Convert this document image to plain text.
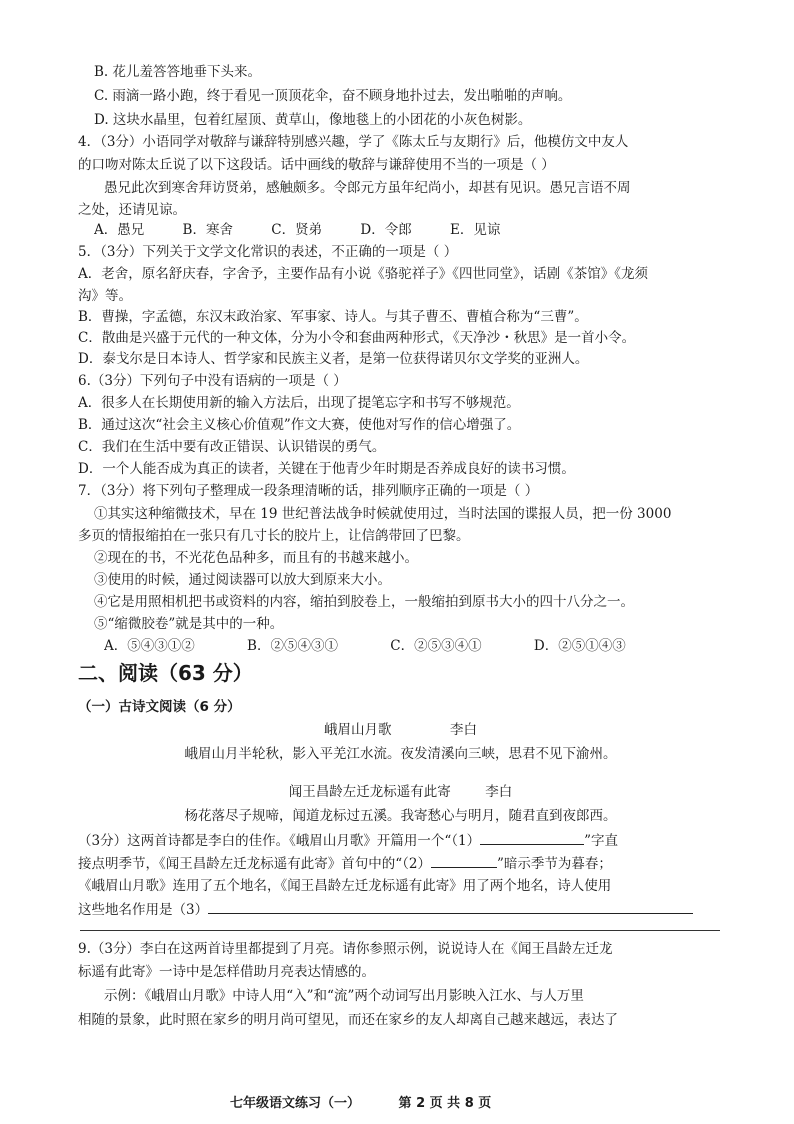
B. 花儿羞答答地垂下头来。
C. 雨滴一路小跑，终于看见一顶顶花伞，奋不顾身地扑过去，发出啪啪的声响。
D. 这块水晶里，包着红屋顶、黄草山，像地毯上的小团花的小灰色树影。
4．（3分）小语同学对敬辞与谦辞特别感兴趣，学了《陈太丘与友期行》后，他模仿文中友人
的口吻对陈太丘说了以下这段话。话中画线的敬辞与谦辞使用不当的一项是（ ）
愚兄此次到寒舍拜访贤弟，感触颇多。令郎元方虽年纪尚小，却甚有见识。愚兄言语不周
之处，还请见谅。
A．愚兄	B．寒舍	C．贤弟	D．令郎	E．见谅
5．（3分）下列关于文学文化常识的表述，不正确的一项是（ ）
A．老舍，原名舒庆春，字舍予，主要作品有小说《骆驼祥子》《四世同堂》，话剧《茶馆》《龙须
沟》等。
B．曹操，字孟德，东汉末政治家、军事家、诗人。与其子曹丕、曹植合称为“三曹”。
C．散曲是兴盛于元代的一种文体，分为小令和套曲两种形式，《天净沙・秋思》是一首小令。
D．泰戈尔是日本诗人、哲学家和民族主义者，是第一位获得诺贝尔文学奖的亚洲人。
6.（3分）下列句子中没有语病的一项是（ ）
A．很多人在长期使用新的输入方法后，出现了提笔忘字和书写不够规范。
B．通过这次“社会主义核心价值观”作文大赛，使他对写作的信心增强了。
C．我们在生活中要有改正错误、认识错误的勇气。
D．一个人能否成为真正的读者，关键在于他青少年时期是否养成良好的读书习惯。
7．（3分）将下列句子整理成一段条理清晰的话，排列顺序正确的一项是（ ）
①其实这种缩微技术，早在 19 世纪普法战争时候就使用过，当时法国的谍报人员，把一份 3000
多页的情报缩拍在一张只有几寸长的胶片上，让信鸽带回了巴黎。
②现在的书，不光花色品种多，而且有的书越来越小。
③使用的时候，通过阅读器可以放大到原来大小。
④它是用照相机把书或资料的内容，缩拍到胶卷上，一般缩拍到原书大小的四十八分之一。
⑤“缩微胶卷”就是其中的一种。
A．⑤④③①②	B．②⑤④③①	C．②⑤③④①	D．②⑤①④③
二、阅读（63 分）
（一）古诗文阅读（6 分）
峨眉山月歌	李白
峨眉山月半轮秋，影入平羌江水流。夜发清溪向三峡，思君不见下渝州。
闻王昌龄左迁龙标遥有此寄	李白
杨花落尽子规啼，闻道龙标过五溪。我寄愁心与明月，随君直到夜郎西。
（3分）这两首诗都是李白的佳作。《峨眉山月歌》开篇用一个“（1）	”字直
接点明季节，《闻王昌龄左迁龙标遥有此寄》首句中的“（2）	”暗示季节为暮春；
《峨眉山月歌》连用了五个地名，《闻王昌龄左迁龙标遥有此寄》用了两个地名，诗人使用
这些地名作用是（3）
9.（3分）李白在这两首诗里都提到了月亮。请你参照示例，说说诗人在《闻王昌龄左迁龙
标遥有此寄》一诗中是怎样借助月亮表达情感的。
示例：《峨眉山月歌》中诗人用“入”和“流”两个动词写出月影映入江水、与人万里
相随的景象，此时照在家乡的明月尚可望见，而还在家乡的友人却离自己越来越远，表达了
七年级语文练习（一）	第 2 页 共 8 页
